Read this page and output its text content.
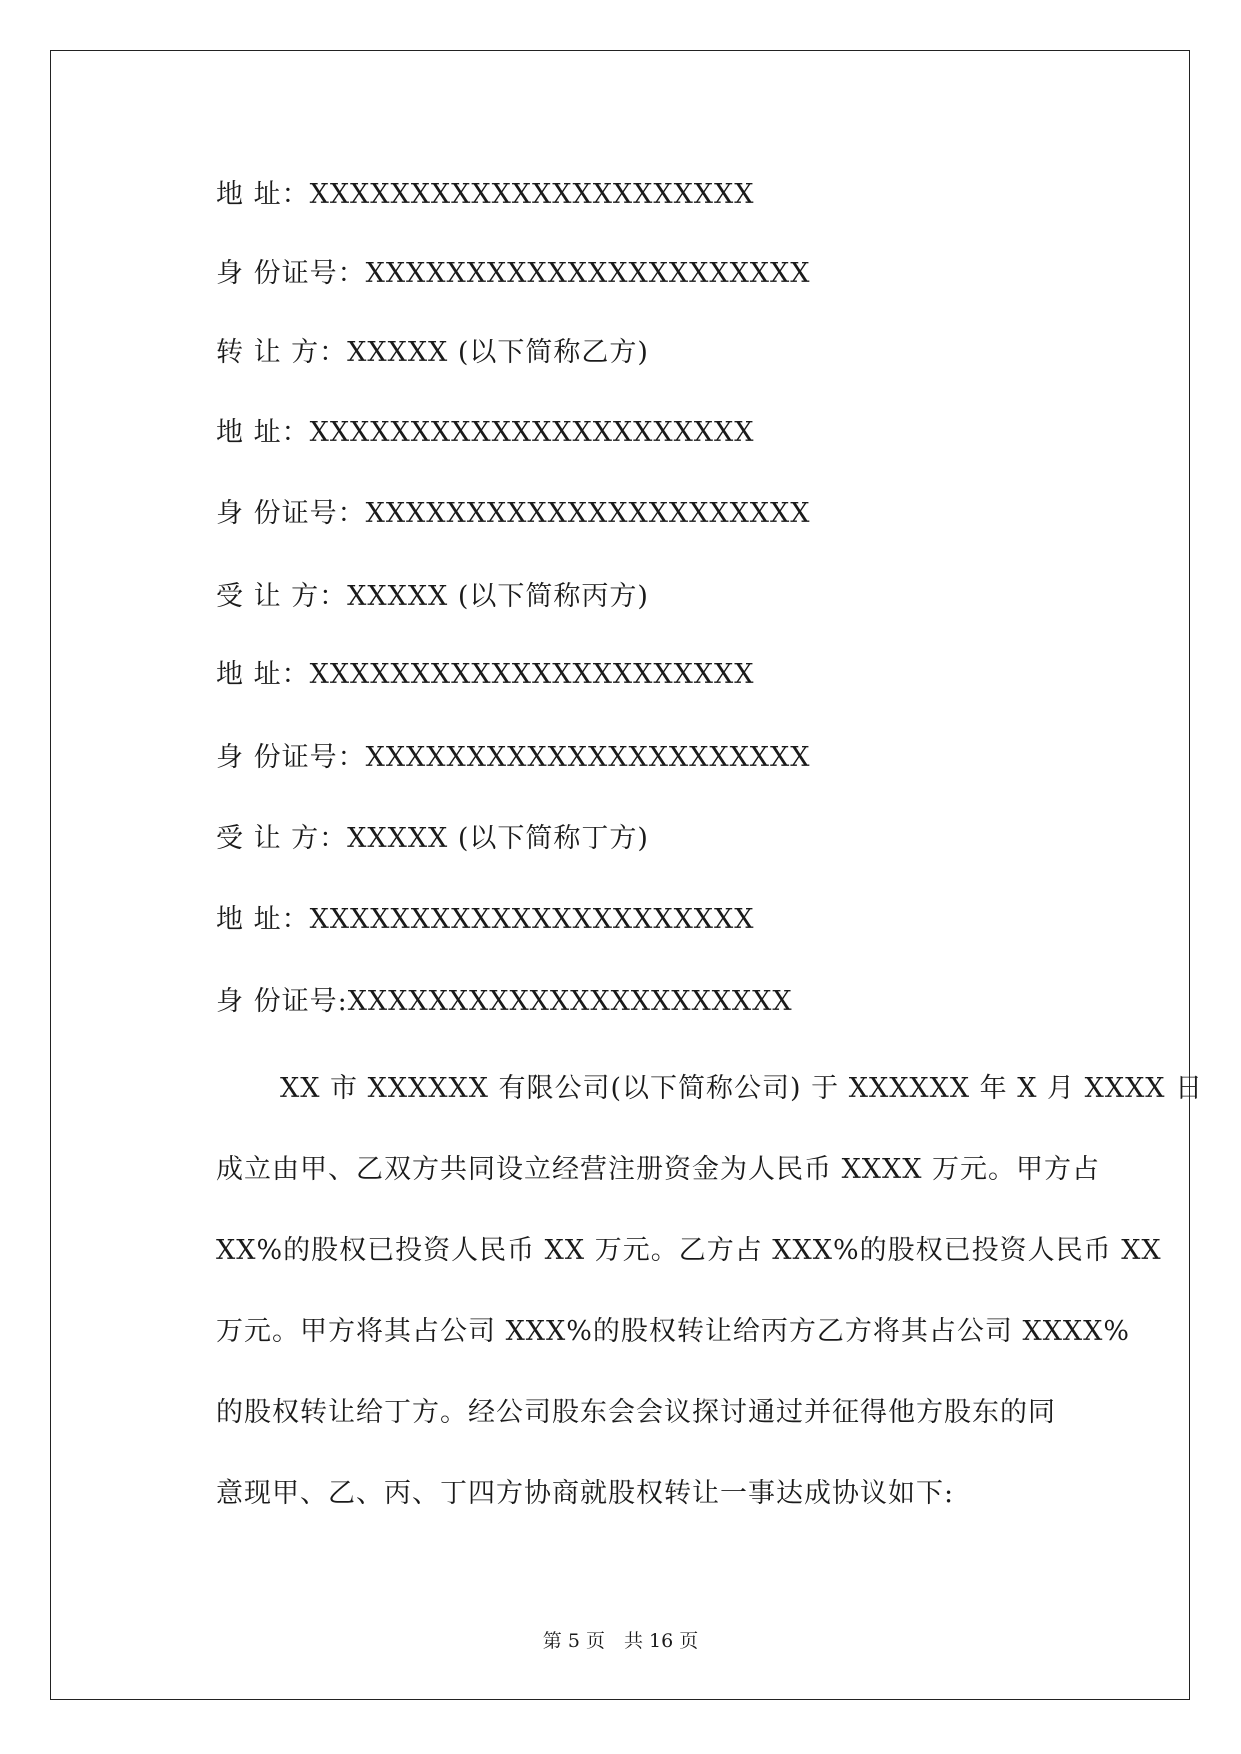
地 址：XXXXXXXXXXXXXXXXXXXXXX
身 份证号：XXXXXXXXXXXXXXXXXXXXXX
转 让 方：XXXXX (以下简称乙方)
地 址：XXXXXXXXXXXXXXXXXXXXXX
身 份证号：XXXXXXXXXXXXXXXXXXXXXX
受 让 方：XXXXX (以下简称丙方)
地 址：XXXXXXXXXXXXXXXXXXXXXX
身 份证号：XXXXXXXXXXXXXXXXXXXXXX
受 让 方：XXXXX (以下简称丁方)
地 址：XXXXXXXXXXXXXXXXXXXXXX
身 份证号:XXXXXXXXXXXXXXXXXXXXXX
XX 市 XXXXXX 有限公司(以下简称公司) 于 XXXXXX 年 X 月 XXXX 日
成立由甲、乙双方共同设立经营注册资金为人民币 XXXX 万元。甲方占
XX%的股权已投资人民币 XX 万元。乙方占 XXX%的股权已投资人民币 XX
万元。甲方将其占公司 XXX%的股权转让给丙方乙方将其占公司 XXXX%
的股权转让给丁方。经公司股东会会议探讨通过并征得他方股东的同
意现甲、乙、丙、丁四方协商就股权转让一事达成协议如下:
第 5 页　共 16 页
